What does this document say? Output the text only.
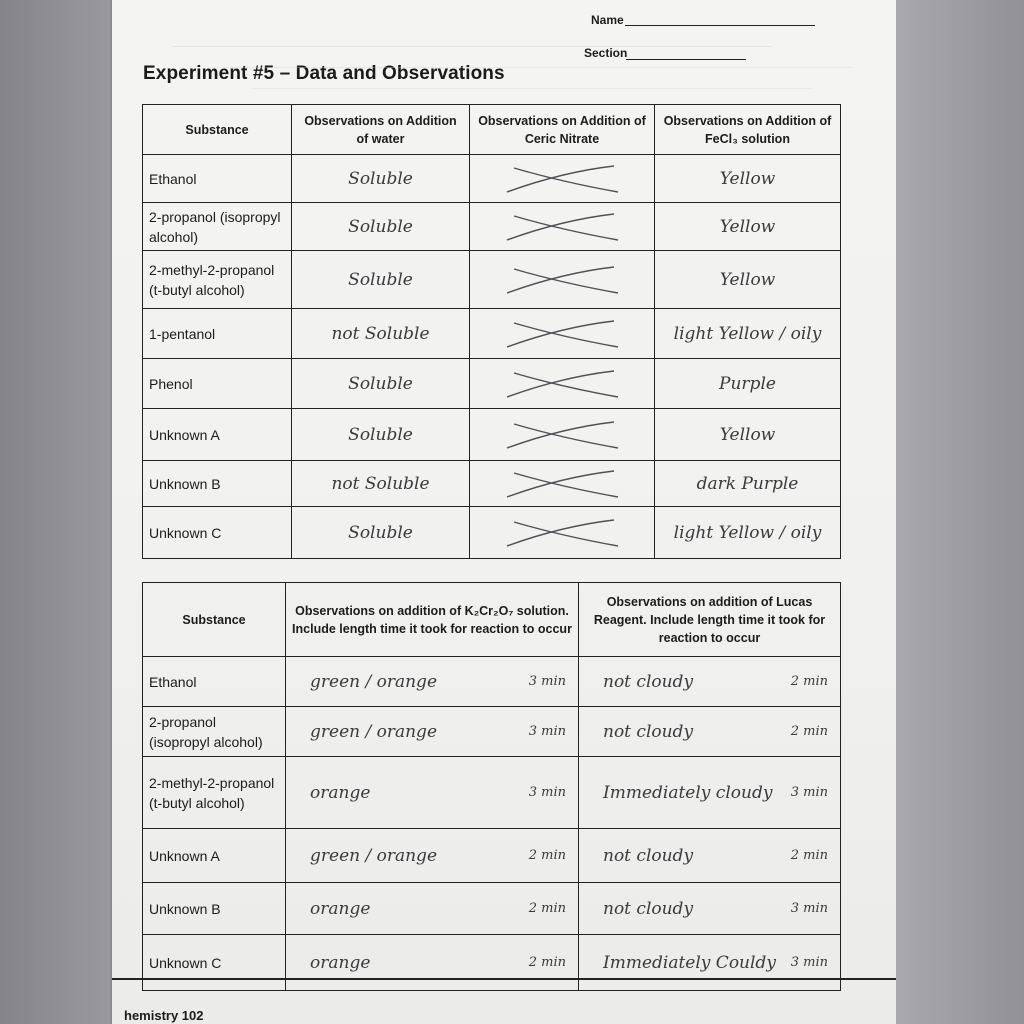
Name
Section
Experiment #5 – Data and Observations
Substance	Observations on Addition of water	Observations on Addition of Ceric Nitrate	Observations on Addition of FeCl₃ solution
Ethanol	Soluble		Yellow
2-propanol (isopropyl alcohol)	Soluble		Yellow
2-methyl-2-propanol (t-butyl alcohol)	Soluble		Yellow
1-pentanol	not Soluble		light Yellow / oily
Phenol	Soluble		Purple
Unknown A	Soluble		Yellow
Unknown B	not Soluble		dark Purple
Unknown C	Soluble		light Yellow / oily
Substance	Observations on addition of K₂Cr₂O₇ solution. Include length time it took for reaction to occur	Observations on addition of Lucas Reagent. Include length time it took for reaction to occur
Ethanol	green / orange 3 min	not cloudy 2 min

2-propanol (isopropyl alcohol)	green / orange 3 min	not cloudy 2 min

2-methyl-2-propanol (t-butyl alcohol)	orange 3 min	Immediately cloudy 3 min

Unknown A	green / orange 2 min	not cloudy 2 min

Unknown B	orange 2 min	not cloudy 3 min

Unknown C	orange 2 min	Immediately Couldy 3 min
hemistry 102
